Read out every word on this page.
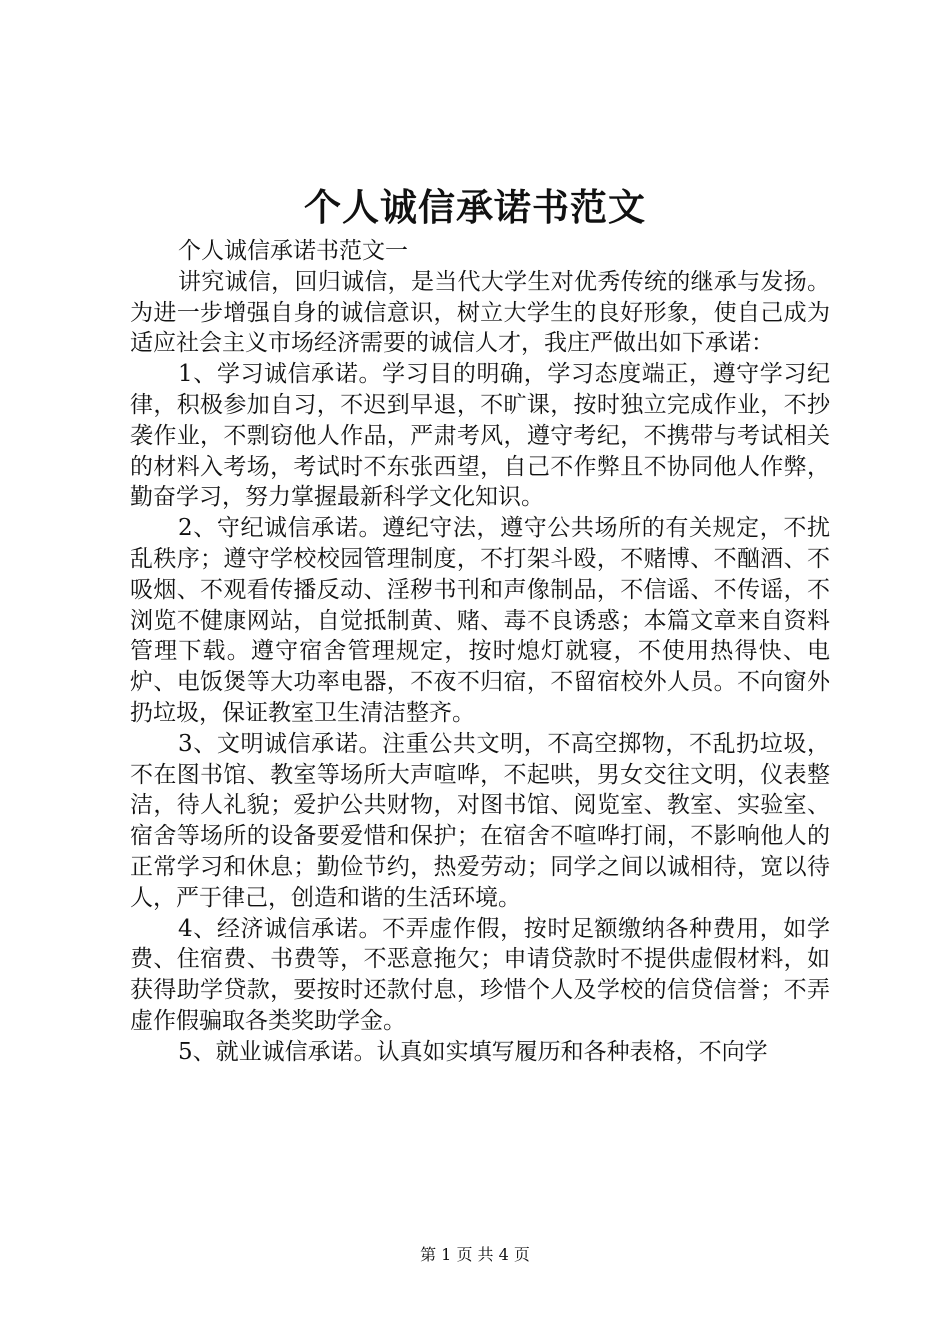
个人诚信承诺书范文

个人诚信承诺书范文一

讲究诚信，回归诚信，是当代大学生对优秀传统的继承与发扬。为进一步增强自身的诚信意识，树立大学生的良好形象，使自己成为适应社会主义市场经济需要的诚信人才，我庄严做出如下承诺：

1、学习诚信承诺。学习目的明确，学习态度端正，遵守学习纪律，积极参加自习，不迟到早退，不旷课，按时独立完成作业，不抄袭作业，不剽窃他人作品，严肃考风，遵守考纪，不携带与考试相关的材料入考场，考试时不东张西望，自己不作弊且不协同他人作弊，勤奋学习，努力掌握最新科学文化知识。

2、守纪诚信承诺。遵纪守法，遵守公共场所的有关规定，不扰乱秩序；遵守学校校园管理制度，不打架斗殴，不赌博、不酗酒、不吸烟、不观看传播反动、淫秽书刊和声像制品，不信谣、不传谣，不浏览不健康网站，自觉抵制黄、赌、毒不良诱惑；本篇文章来自资料管理下载。遵守宿舍管理规定，按时熄灯就寝，不使用热得快、电炉、电饭煲等大功率电器，不夜不归宿，不留宿校外人员。不向窗外扔垃圾，保证教室卫生清洁整齐。

3、文明诚信承诺。注重公共文明，不高空掷物，不乱扔垃圾，不在图书馆、教室等场所大声喧哗，不起哄，男女交往文明，仪表整洁，待人礼貌；爱护公共财物，对图书馆、阅览室、教室、实验室、宿舍等场所的设备要爱惜和保护；在宿舍不喧哗打闹，不影响他人的正常学习和休息；勤俭节约，热爱劳动；同学之间以诚相待，宽以待人，严于律己，创造和谐的生活环境。

4、经济诚信承诺。不弄虚作假，按时足额缴纳各种费用，如学费、住宿费、书费等，不恶意拖欠；申请贷款时不提供虚假材料，如获得助学贷款，要按时还款付息，珍惜个人及学校的信贷信誉；不弄虚作假骗取各类奖助学金。

5、就业诚信承诺。认真如实填写履历和各种表格，不向学

第 1 页 共 4 页
